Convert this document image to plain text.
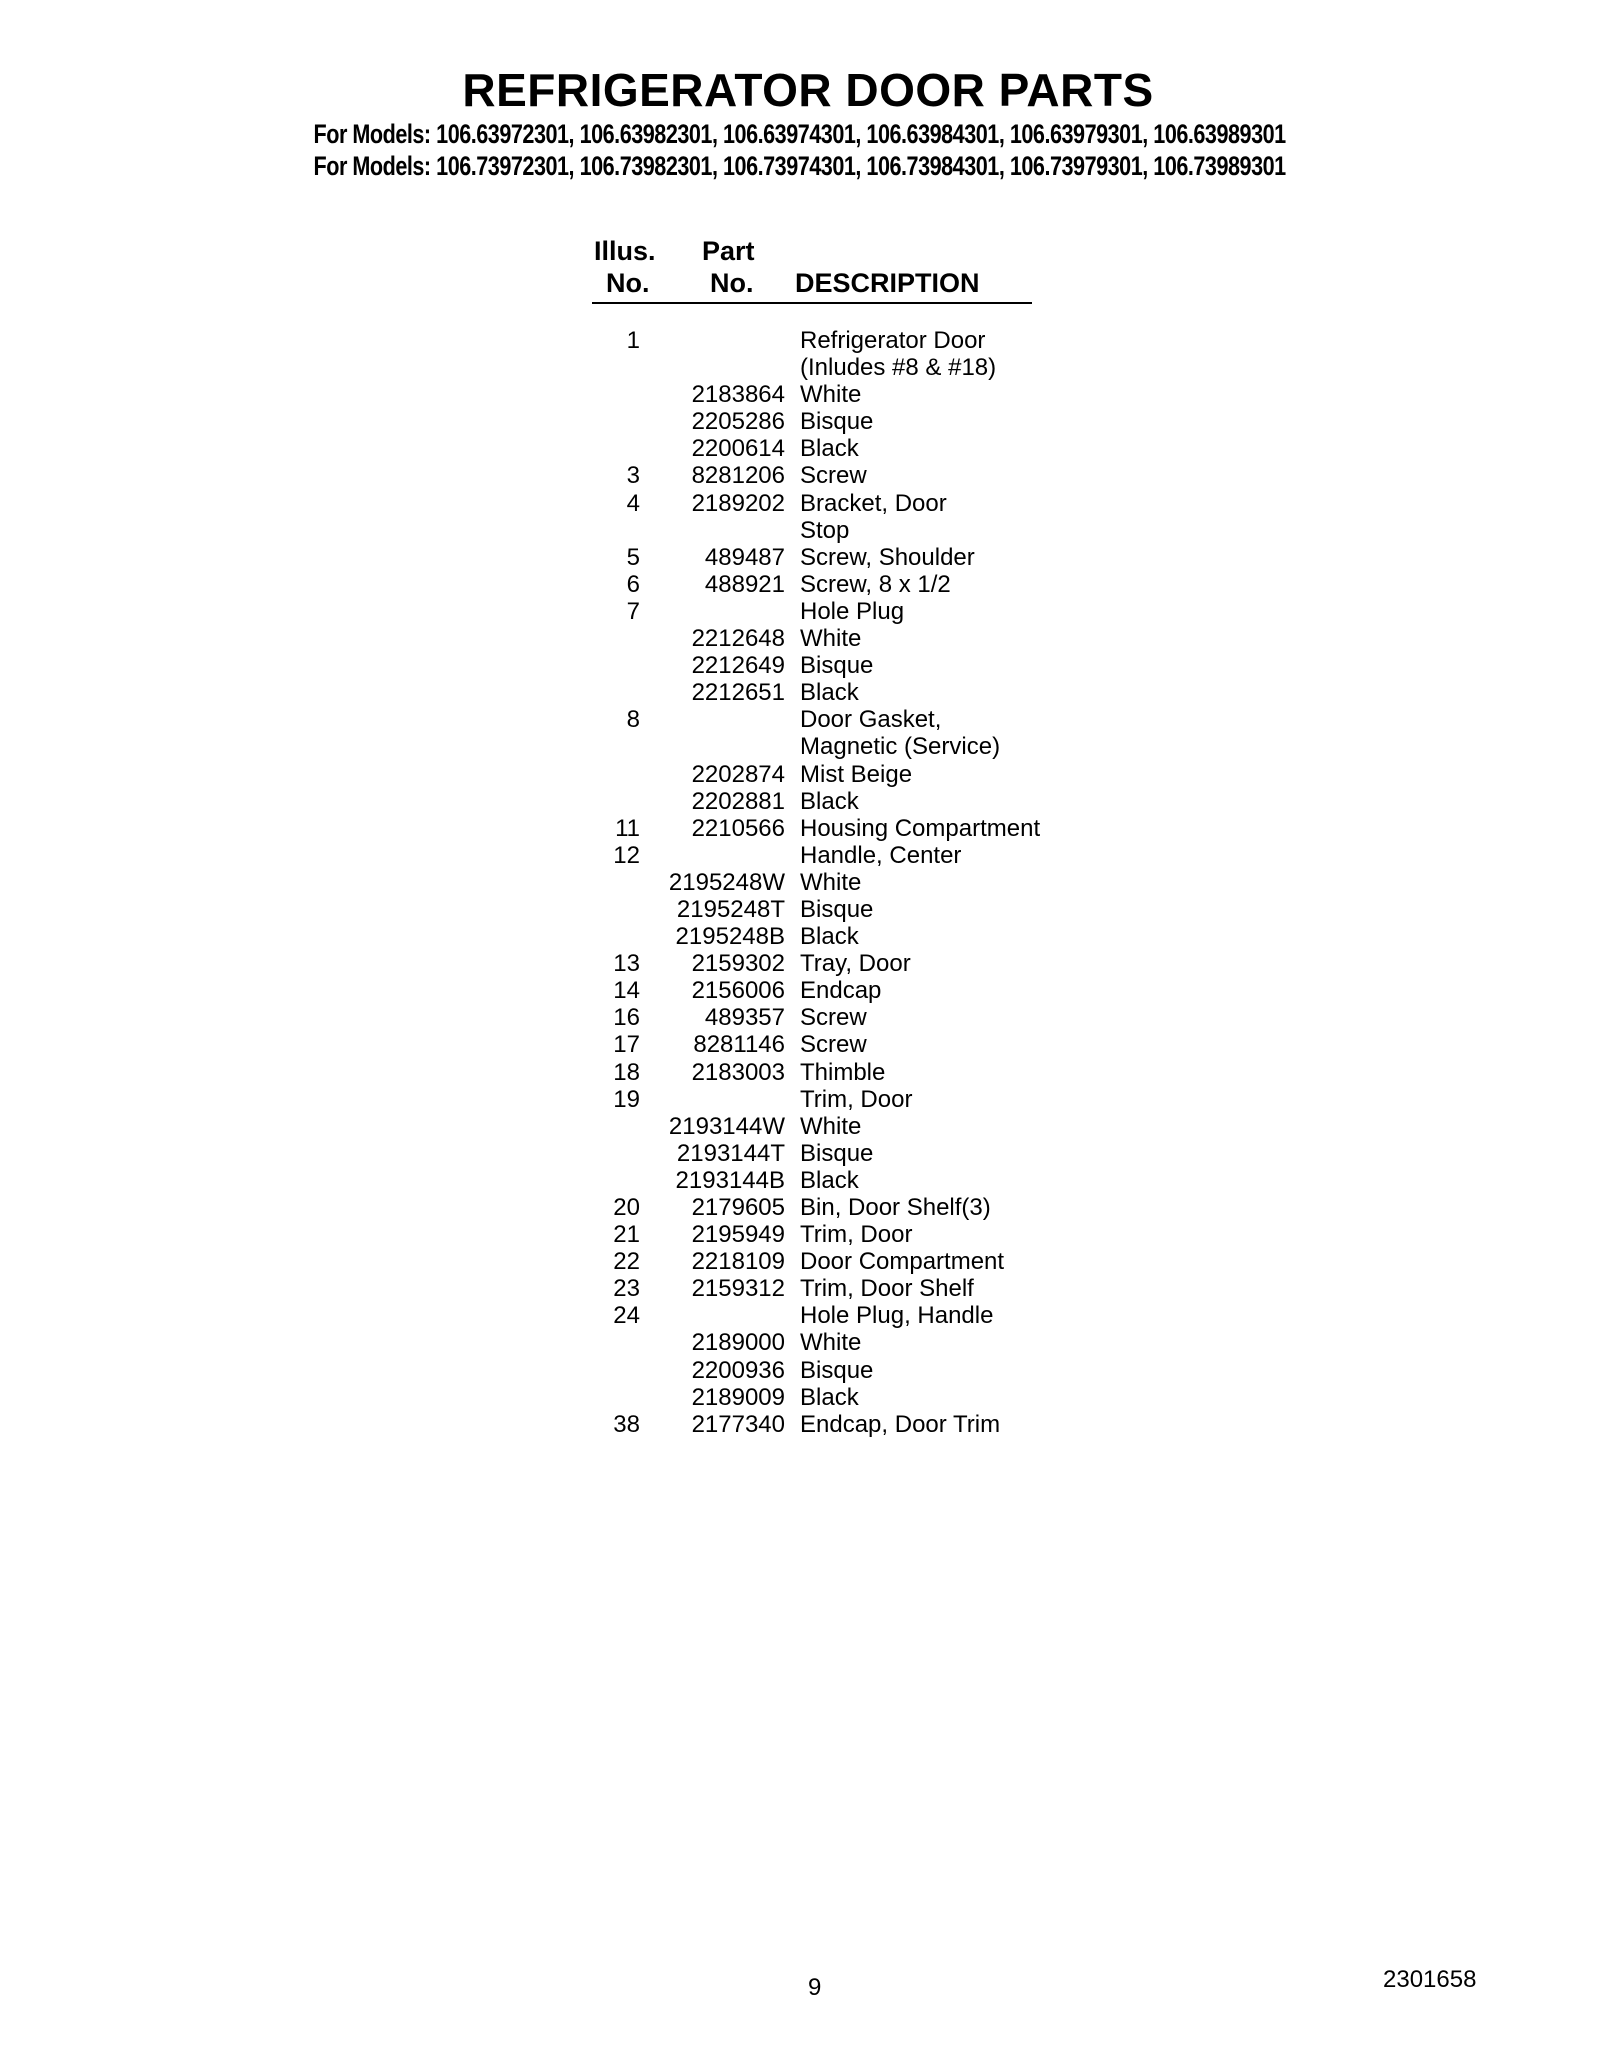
REFRIGERATOR DOOR PARTS
For Models: 106.63972301, 106.63982301, 106.63974301, 106.63984301, 106.63979301, 106.63989301
For Models: 106.73972301, 106.73982301, 106.73974301, 106.73984301, 106.73979301, 106.73989301
Illus.
No.
Part
No. DESCRIPTION
1	Refrigerator Door
(Inludes #8 & #18)
2183864 White
2205286 Bisque
2200614 Black
3	8281206 Screw
4	2189202 Bracket, Door
Stop
5	489487 Screw, Shoulder
6	488921 Screw, 8 x 1/2
7	Hole Plug
2212648 White
2212649 Bisque
2212651 Black
8	Door Gasket,
Magnetic (Service)
2202874 Mist Beige
2202881 Black
11	2210566 Housing Compartment
12	Handle, Center
2195248W White
2195248T Bisque
2195248B Black
13	2159302 Tray, Door
14	2156006 Endcap
16	489357 Screw
17	8281146 Screw
18	2183003 Thimble
19	Trim, Door
2193144W White
2193144T Bisque
2193144B Black
20	2179605 Bin, Door Shelf(3)
21	2195949 Trim, Door
22	2218109 Door Compartment
23	2159312 Trim, Door Shelf
24	Hole Plug, Handle
2189000 White
2200936 Bisque
2189009 Black
38	2177340 Endcap, Door Trim
9	2301658
